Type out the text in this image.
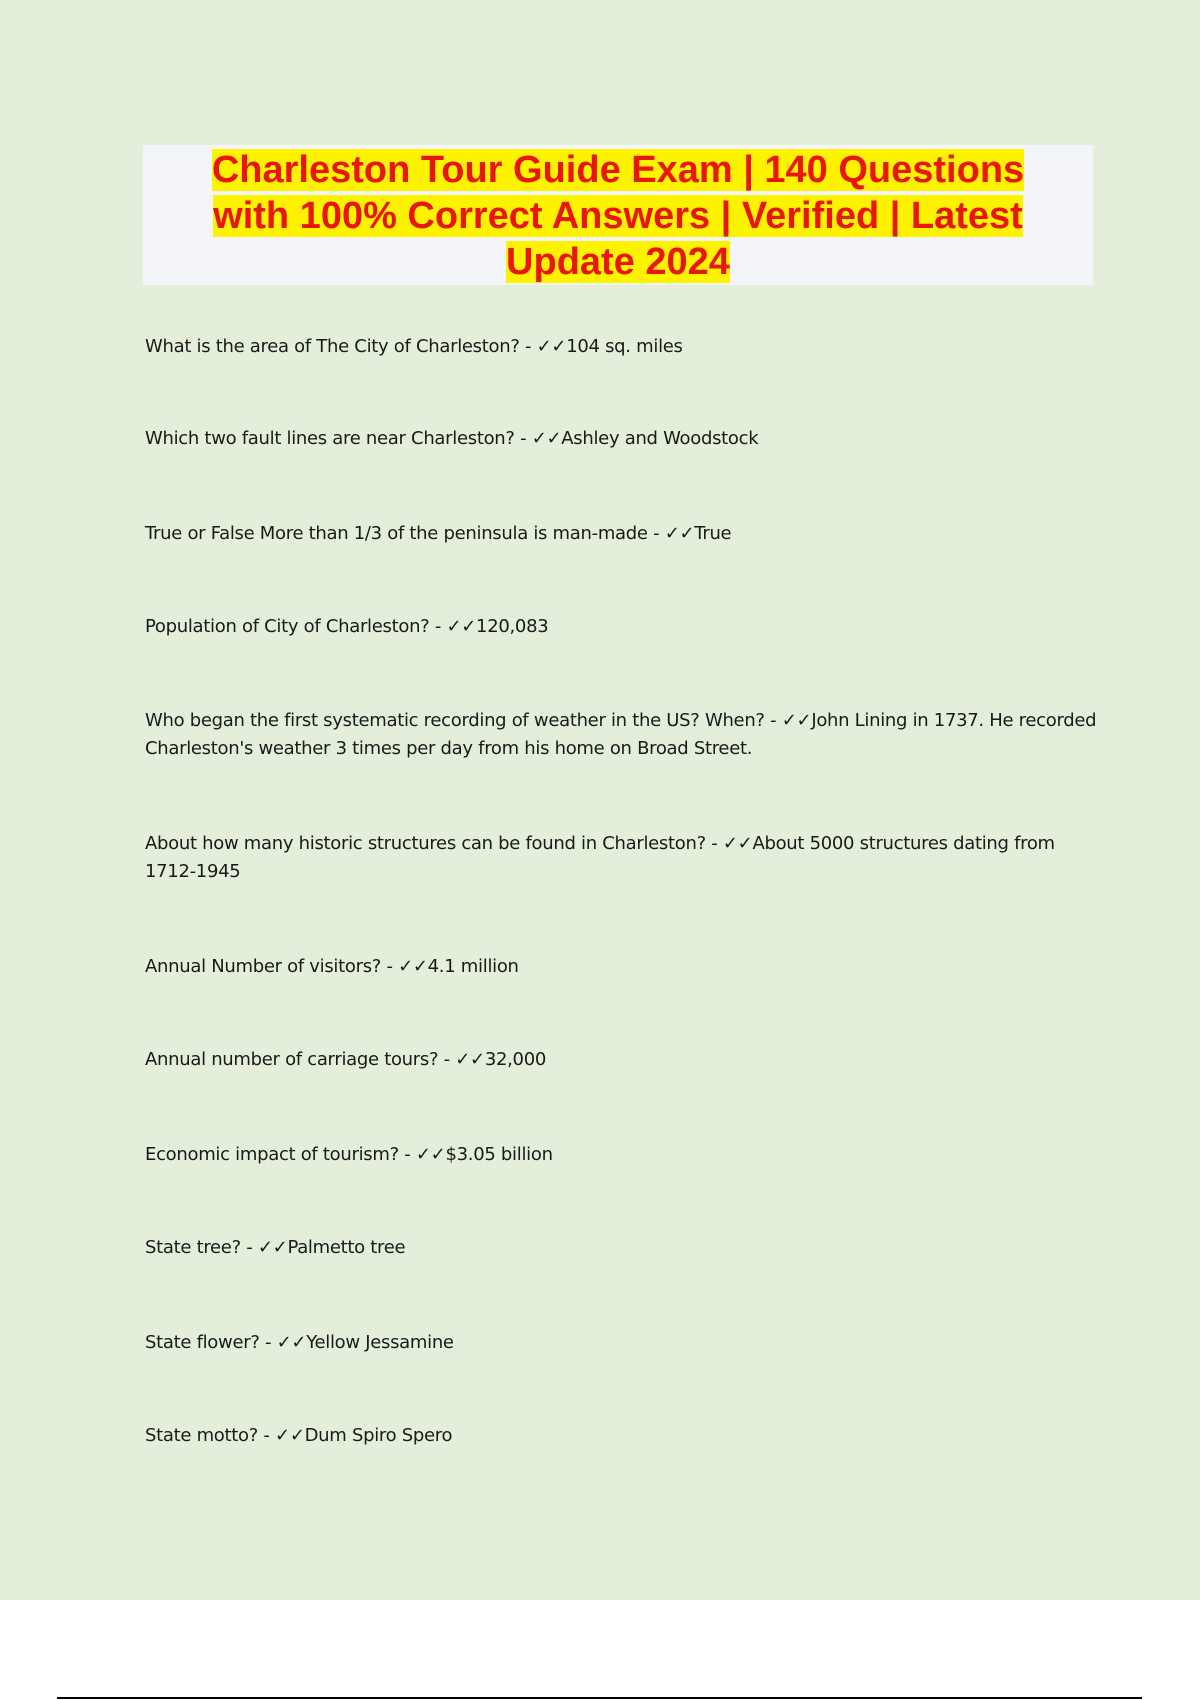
Charleston Tour Guide Exam | 140 Questions with 100% Correct Answers | Verified | Latest Update 2024
What is the area of The City of Charleston? - ✓✓104 sq. miles
Which two fault lines are near Charleston? - ✓✓Ashley and Woodstock
True or False More than 1/3 of the peninsula is man-made - ✓✓True
Population of City of Charleston? - ✓✓120,083
Who began the first systematic recording of weather in the US? When? - ✓✓John Lining in 1737. He recorded Charleston's weather 3 times per day from his home on Broad Street.
About how many historic structures can be found in Charleston? - ✓✓About 5000 structures dating from 1712-1945
Annual Number of visitors? - ✓✓4.1 million
Annual number of carriage tours? - ✓✓32,000
Economic impact of tourism? - ✓✓$3.05 billion
State tree? - ✓✓Palmetto tree
State flower? - ✓✓Yellow Jessamine
State motto? - ✓✓Dum Spiro Spero
